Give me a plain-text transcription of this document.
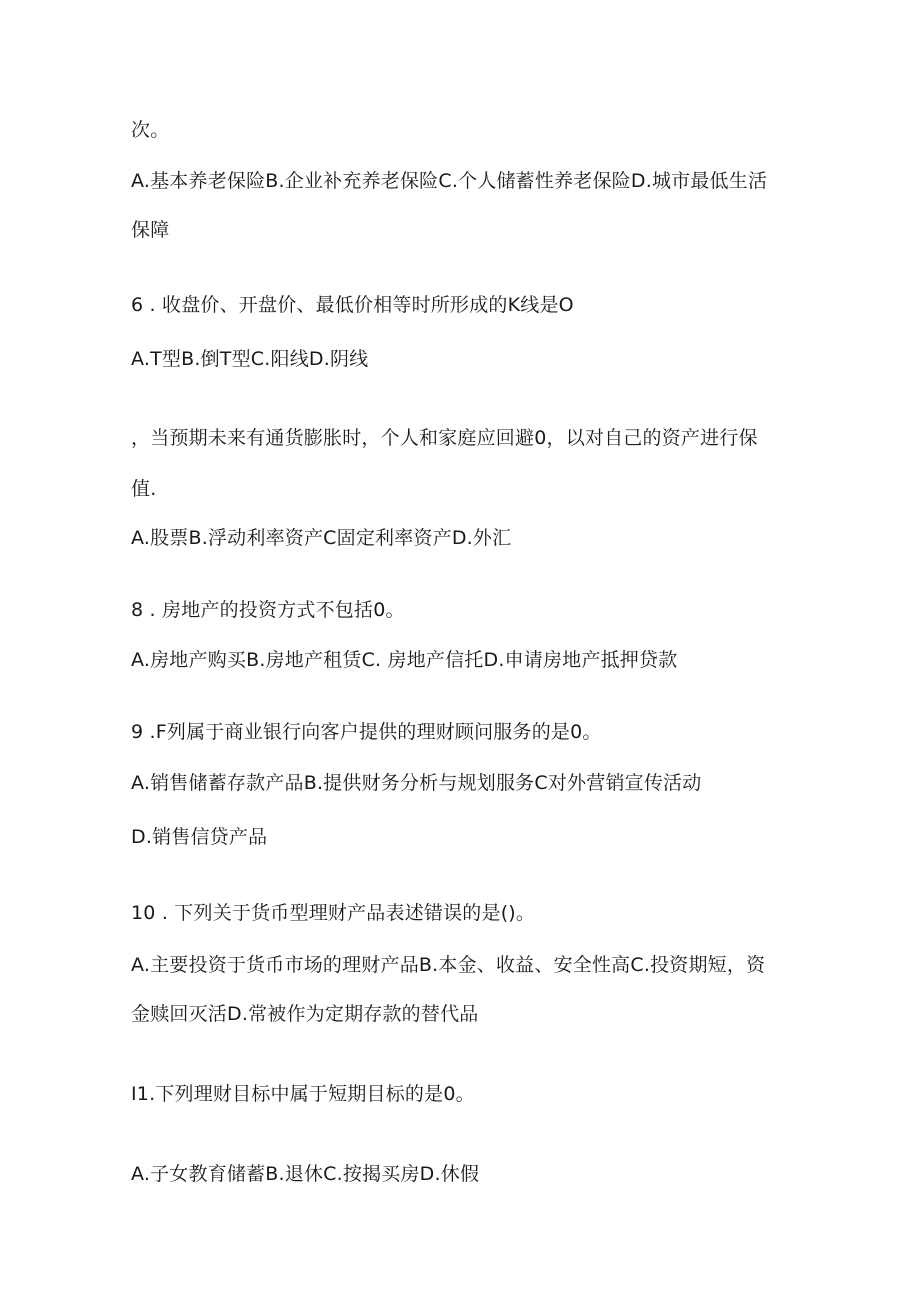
次。
A.基本养老保险B.企业补充养老保险C.个人储蓄性养老保险D.城市最低生活
保障
6 . 收盘价、开盘价、最低价相等时所形成的K线是O
A.T型B.倒T型C.阳线D.阴线
，当预期未来有通货膨胀时，个人和家庭应回避0，以对自己的资产进行保
值.
A.股票B.浮动利率资产C固定利率资产D.外汇
8 . 房地产的投资方式不包括0。
A.房地产购买B.房地产租赁C. 房地产信托D.申请房地产抵押贷款
9 .F列属于商业银行向客户提供的理财顾问服务的是0。
A.销售储蓄存款产品B.提供财务分析与规划服务C对外营销宣传活动
D.销售信贷产品
10 . 下列关于货币型理财产品表述错误的是()。
A.主要投资于货币市场的理财产品B.本金、收益、安全性高C.投资期短，资
金赎回灭活D.常被作为定期存款的替代品
I1.下列理财目标中属于短期目标的是0。
A.子女教育储蓄B.退休C.按揭买房D.休假
